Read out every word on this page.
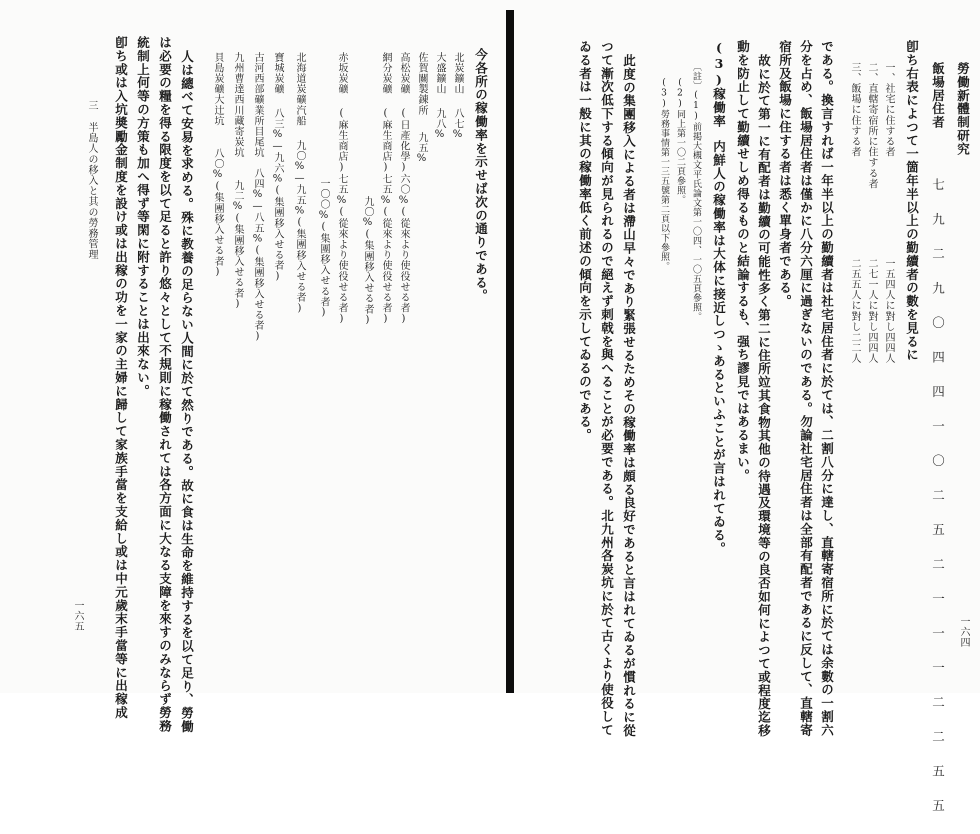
勞働新體制研究
一六四
飯場居住者
七九二九〇四四一〇二五二一一一二二五五
卽ち右表によつて一箇年半以上の勤續者の數を見るに
一、社宅に住する者
一五四人に對し四四人
二、直轄寄宿所に住する者
二七一人に對し四四人
三、飯場に住する者
二五五人に對し二二人
である。換言すれば一年半以上の勤續者は社宅居住者に於ては、二割八分に達し、直轄寄宿所に於ては余數の一割六
分を占め、飯場居住者は僅かに八分六厘に過ぎないのである。勿論社宅居住者は全部有配者であるに反して、直轄寄
宿所及飯場に住する者は悉く單身者である。
故に於て第一に有配者は勤續の可能性多く第二に住所竝其食物其他の待遇及環境等の良否如何によつて或程度迄移
動を防止して勤續せしめ得るものと結論するも、强ち謬見ではあるまい。
(3)稼働率
内鮮人の稼働率は大体に接近しつゝあるといふことが言はれてゐる。
〔註〕(1)前掲大槻文平氏論文第一〇四、一〇五頁參照。
(2)同上第一〇二頁參照。
(3)勞務事情第一三五號第二頁以下參照。
此度の集團移入による者は滯山早々であり緊張せるためその稼働率は頗る良好であると言はれてゐるが慣れるに從
つて漸次低下する傾向が見られるので絕えず刺戟を與へることが必要である。北九州各炭坑に於て古くより使役して
ゐる者は一般に其の稼働率低く前述の傾向を示してゐるのである。
今各所の稼働率を示せば次の通りである。
北炭鑛山
八七%
大盛鑛山
九八%
佐賀關製錬所
九五%
高松炭礦
(日產化學)六〇%(從來より使役せる者)
網分炭礦
(麻生商店)七五%(從來より使役せる者)
九〇%(集團移入せる者)
赤坂炭礦
(麻生商店)七五%(從來より使役せる者)
一〇〇%(集團移入せる者)
北海道炭礦汽船
九〇%—九五%(集團移入せる者)
寶城炭礦
八三%—九六%(集團移入せる者)
古河西部礦業所目尾坑
八四%—八五%(集團移入せる者)
九州曹達西川藏寄炭坑
九二%(集團移入せる者)
貝島炭礦大辻坑
八〇%(集團移入せる者)
人は總べて安易を求める。殊に教養の足らない人間に於て然りである。故に食は生命を維持するを以て足り、勞働
は必要の糧を得る限度を以て足ると許り悠々として不規則に稼働されては各方面に大なる支障を來すのみならず勞務
統制上何等の方策も加へ得ず等閑に附することは出來ない。
卽ち或は入坑奬勵金制度を設け或は出稼の功を一家の主婦に歸して家族手當を支給し或は中元歲末手當等に出稼成
三 半島人の移入と其の勞務管理
一六五
